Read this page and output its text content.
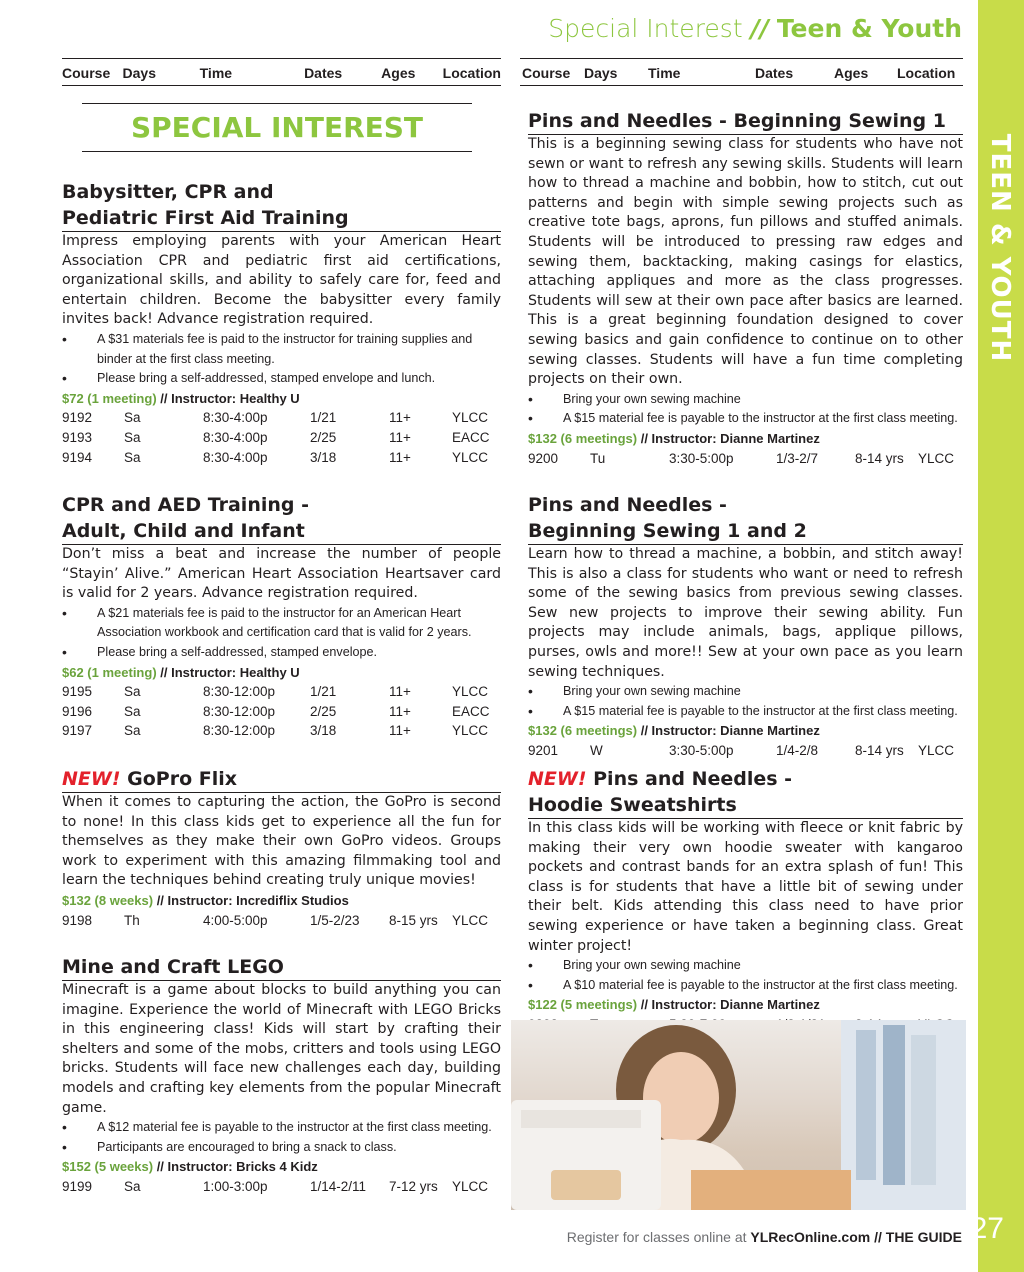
Special Interest // Teen & Youth
TEEN & YOUTH
Course Days	Time	Dates	Ages	Location
SPECIAL INTEREST
Babysitter, CPR and
Pediatric First Aid Training

Impress employing parents with your American Heart Association CPR and pediatric first aid certifications, organizational skills, and ability to safely care for, feed and entertain children. Become the babysitter every family invites back! Advance registration required.

• A $31 materials fee is paid to the instructor for training supplies and binder at the first class meeting.
• Please bring a self-addressed, stamped envelope and lunch.
$72 (1 meeting) // Instructor: Healthy U
9192	Sa	8:30-4:00p	1/21	11+	YLCC
9193	Sa	8:30-4:00p	2/25	11+	EACC
9194	Sa	8:30-4:00p	3/18	11+	YLCC
CPR and AED Training -
Adult, Child and Infant

Don’t miss a beat and increase the number of people “Stayin’ Alive.” American Heart Association Heartsaver card is valid for 2 years. Advance registration required.

• A $21 materials fee is paid to the instructor for an American Heart Association workbook and certification card that is valid for 2 years.
• Please bring a self-addressed, stamped envelope.
$62 (1 meeting) // Instructor: Healthy U
9195	Sa	8:30-12:00p	1/21	11+	YLCC
9196	Sa	8:30-12:00p	2/25	11+	EACC
9197	Sa	8:30-12:00p	3/18	11+	YLCC
NEW! GoPro Flix

When it comes to capturing the action, the GoPro is second to none! In this class kids get to experience all the fun for themselves as they make their own GoPro videos. Groups work to experiment with this amazing filmmaking tool and learn the techniques behind creating truly unique movies!

$132 (8 weeks) // Instructor: Incrediflix Studios
9198	Th	4:00-5:00p	1/5-2/23	8-15 yrs	YLCC
Mine and Craft LEGO

Minecraft is a game about blocks to build anything you can imagine. Experience the world of Minecraft with LEGO Bricks in this engineering class! Kids will start by crafting their shelters and some of the mobs, critters and tools using LEGO bricks. Students will face new challenges each day, building models and crafting key elements from the popular Minecraft game.

• A $12 material fee is payable to the instructor at the first class meeting.
• Participants are encouraged to bring a snack to class.
$152 (5 weeks) // Instructor: Bricks 4 Kidz
9199	Sa	1:00-3:00p	1/14-2/11	7-12 yrs	YLCC
Course Days	Time	Dates	Ages	Location
Pins and Needles - Beginning Sewing 1

This is a beginning sewing class for students who have not sewn or want to refresh any sewing skills. Students will learn how to thread a machine and bobbin, how to stitch, cut out patterns and begin with simple sewing projects such as creative tote bags, aprons, fun pillows and stuffed animals. Students will be introduced to pressing raw edges and sewing them, backtacking, making casings for elastics, attaching appliques and more as the class progresses. Students will sew at their own pace after basics are learned. This is a great beginning foundation designed to cover sewing basics and gain confidence to continue on to other sewing classes. Students will have a fun time completing projects on their own.

• Bring your own sewing machine
• A $15 material fee is payable to the instructor at the first class meeting.
$132 (6 meetings) // Instructor: Dianne Martinez
9200	Tu	3:30-5:00p	1/3-2/7	8-14 yrs	YLCC
Pins and Needles -
Beginning Sewing 1 and 2

Learn how to thread a machine, a bobbin, and stitch away! This is also a class for students who want or need to refresh some of the sewing basics from previous sewing classes. Sew new projects to improve their sewing ability. Fun projects may include animals, bags, applique pillows, purses, owls and more!! Sew at your own pace as you learn sewing techniques.

• Bring your own sewing machine
• A $15 material fee is payable to the instructor at the first class meeting.
$132 (6 meetings) // Instructor: Dianne Martinez
9201	W	3:30-5:00p	1/4-2/8	8-14 yrs	YLCC
NEW! Pins and Needles -
Hoodie Sweatshirts

In this class kids will be working with fleece or knit fabric by making their very own hoodie sweater with kangaroo pockets and contrast bands for an extra splash of fun! This class is for students that have a little bit of sewing under their belt. Kids attending this class need to have prior sewing experience or have taken a beginning class. Great winter project!

• Bring your own sewing machine
• A $10 material fee is payable to the instructor at the first class meeting.
$122 (5 meetings) // Instructor: Dianne Martinez
Register for classes online at YLRecOnline.com // THE GUIDE 27
